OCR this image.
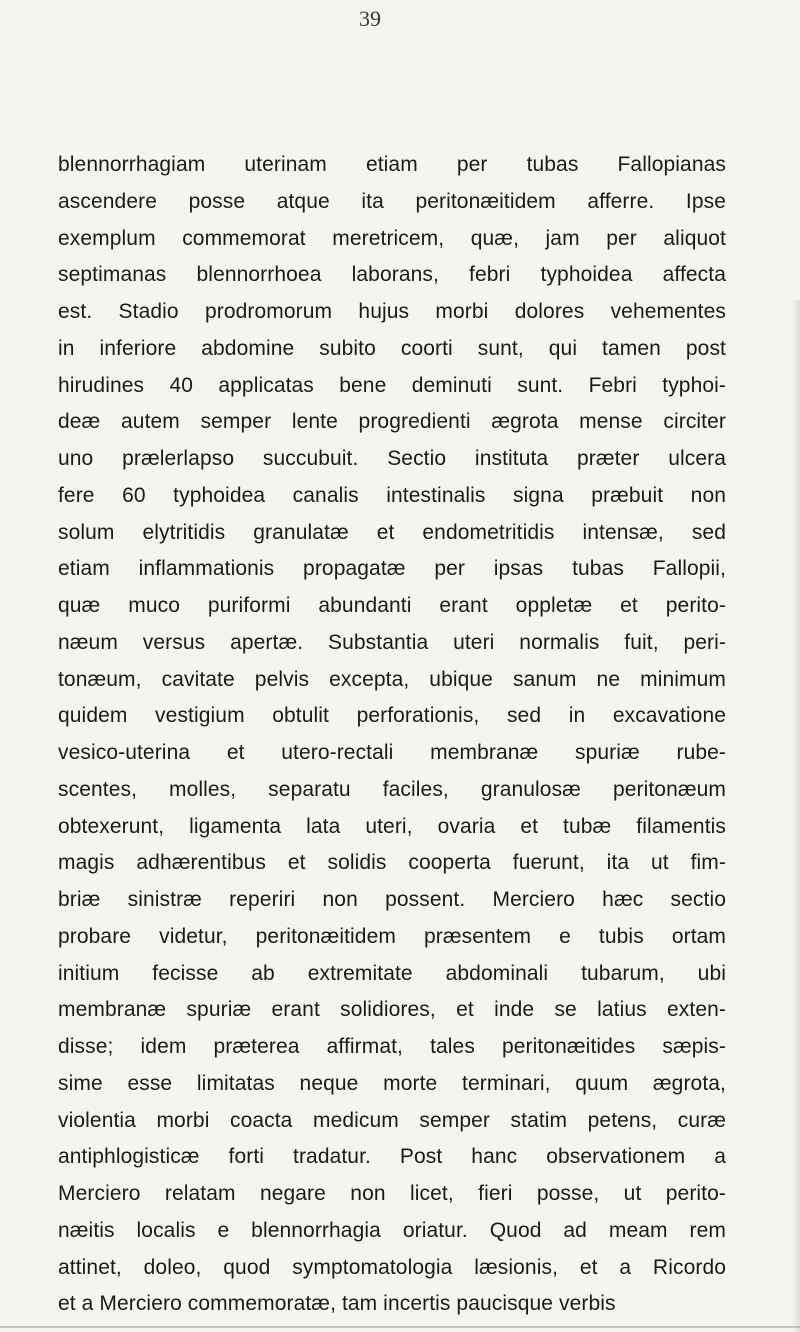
39
blennorrhagiam uterinam etiam per tubas Fallopianas
ascendere posse atque ita peritonæitidem afferre. Ipse
exemplum commemorat meretricem, quæ, jam per aliquot
septimanas blennorrhoea laborans, febri typhoidea affecta
est. Stadio prodromorum hujus morbi dolores vehementes
in inferiore abdomine subito coorti sunt, qui tamen post
hirudines 40 applicatas bene deminuti sunt. Febri typhoi-
deæ autem semper lente progredienti ægrota mense circiter
uno prælerlapso succubuit. Sectio instituta præter ulcera
fere 60 typhoidea canalis intestinalis signa præbuit non
solum elytritidis granulatæ et endometritidis intensæ, sed
etiam inflammationis propagatæ per ipsas tubas Fallopii,
quæ muco puriformi abundanti erant oppletæ et perito-
næum versus apertæ. Substantia uteri normalis fuit, peri-
tonæum, cavitate pelvis excepta, ubique sanum ne minimum
quidem vestigium obtulit perforationis, sed in excavatione
vesico-uterina et utero-rectali membranæ spuriæ rube-
scentes, molles, separatu faciles, granulosæ peritonæum
obtexerunt, ligamenta lata uteri, ovaria et tubæ filamentis
magis adhærentibus et solidis cooperta fuerunt, ita ut fim-
briæ sinistræ reperiri non possent. Merciero hæc sectio
probare videtur, peritonæitidem præsentem e tubis ortam
initium fecisse ab extremitate abdominali tubarum, ubi
membranæ spuriæ erant solidiores, et inde se latius exten-
disse; idem præterea affirmat, tales peritonæitides sæpis-
sime esse limitatas neque morte terminari, quum ægrota,
violentia morbi coacta medicum semper statim petens, curæ
antiphlogisticæ forti tradatur. Post hanc observationem a
Merciero relatam negare non licet, fieri posse, ut perito-
næitis localis e blennorrhagia oriatur. Quod ad meam rem
attinet, doleo, quod symptomatologia læsionis, et a Ricordo
et a Merciero commemoratæ, tam incertis paucisque verbis
